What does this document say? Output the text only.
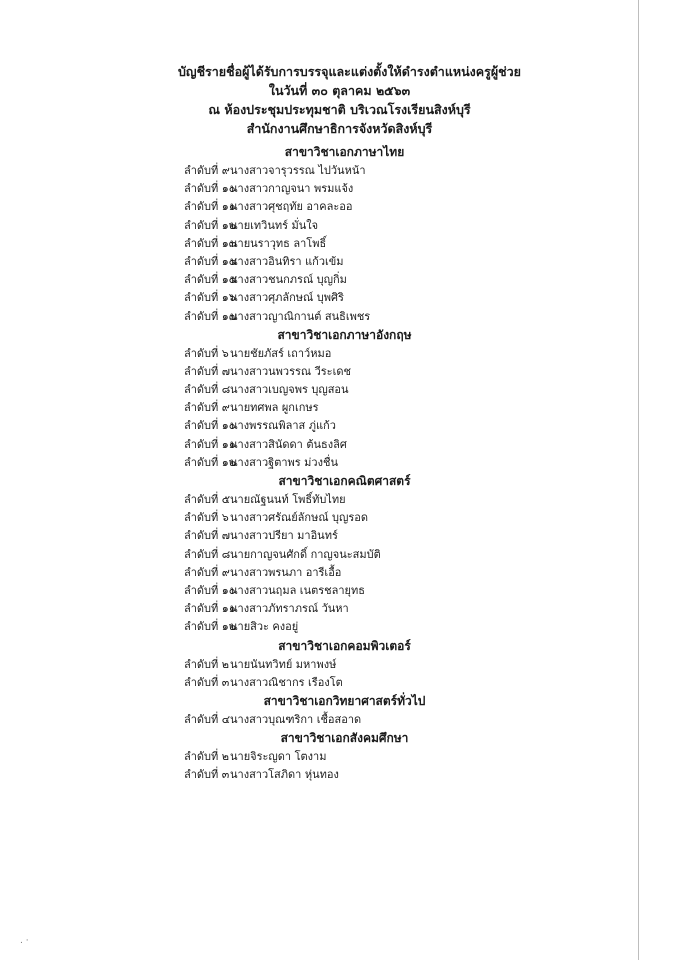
บัญชีรายชื่อผู้ได้รับการบรรจุและแต่งตั้งให้ดำรงตำแหน่งครูผู้ช่วย
ในวันที่ ๓๐ ตุลาคม ๒๕๖๓
ณ ห้องประชุมประทุมชาติ บริเวณโรงเรียนสิงห์บุรี
สำนักงานศึกษาธิการจังหวัดสิงห์บุรี
สาขาวิชาเอกภาษาไทย
ลำดับที่ ๙นางสาวจารุวรรณ ไปวันหน้า
ลำดับที่ ๑๐นางสาวกาญจนา พรมแจ้ง
ลำดับที่ ๑๑นางสาวศุชฤทัย อาคละออ
ลำดับที่ ๑๒นายเทวินทร์ มั่นใจ
ลำดับที่ ๑๓นายนราวุทธ ลาโพธิ์
ลำดับที่ ๑๔นางสาวอินทิรา แก้วเข้ม
ลำดับที่ ๑๕นางสาวชนกภรณ์ บุญกิ่ม
ลำดับที่ ๑๖นางสาวศุภลักษณ์ บุพศิริ
ลำดับที่ ๑๗นางสาวญาณิกานต์ สนธิเพชร
สาขาวิชาเอกภาษาอังกฤษ
ลำดับที่ ๖นายชัยภัสร์ เถาว์หมอ
ลำดับที่ ๗นางสาวนพวรรณ วีระเดช
ลำดับที่ ๘นางสาวเบญจพร บุญสอน
ลำดับที่ ๙นายทศพล ผูกเกษร
ลำดับที่ ๑๐นางพรรณพิลาส ภู่แก้ว
ลำดับที่ ๑๑นางสาวสินัดดา ต้นธงลิศ
ลำดับที่ ๑๒นางสาวฐิตาพร ม่วงชื่น
สาขาวิชาเอกคณิตศาสตร์
ลำดับที่ ๕นายณัฐนนท์ โพธิ์ทับไทย
ลำดับที่ ๖นางสาวศรัณย์ลักษณ์ บุญรอด
ลำดับที่ ๗นางสาวปรียา มาอินทร์
ลำดับที่ ๘นายกาญจนศักดิ์ กาญจนะสมบัติ
ลำดับที่ ๙นางสาวพรนภา อารีเอื้อ
ลำดับที่ ๑๐นางสาวนฤมล เนตรชลายุทธ
ลำดับที่ ๑๑นางสาวภัทราภรณ์ วันหา
ลำดับที่ ๑๒นายสิวะ คงอยู่
สาขาวิชาเอกคอมพิวเตอร์
ลำดับที่ ๒นายนันทวิทย์ มหาพงษ์
ลำดับที่ ๓นางสาวณิชากร เรืองโต
สาขาวิชาเอกวิทยาศาสตร์ทั่วไป
ลำดับที่ ๔นางสาวบุณฑริกา เชื้อสอาด
สาขาวิชาเอกสังคมศึกษา
ลำดับที่ ๒นายจิระญดา โตงาม
ลำดับที่ ๓นางสาวโสภิดา หุ่นทอง
. ·
